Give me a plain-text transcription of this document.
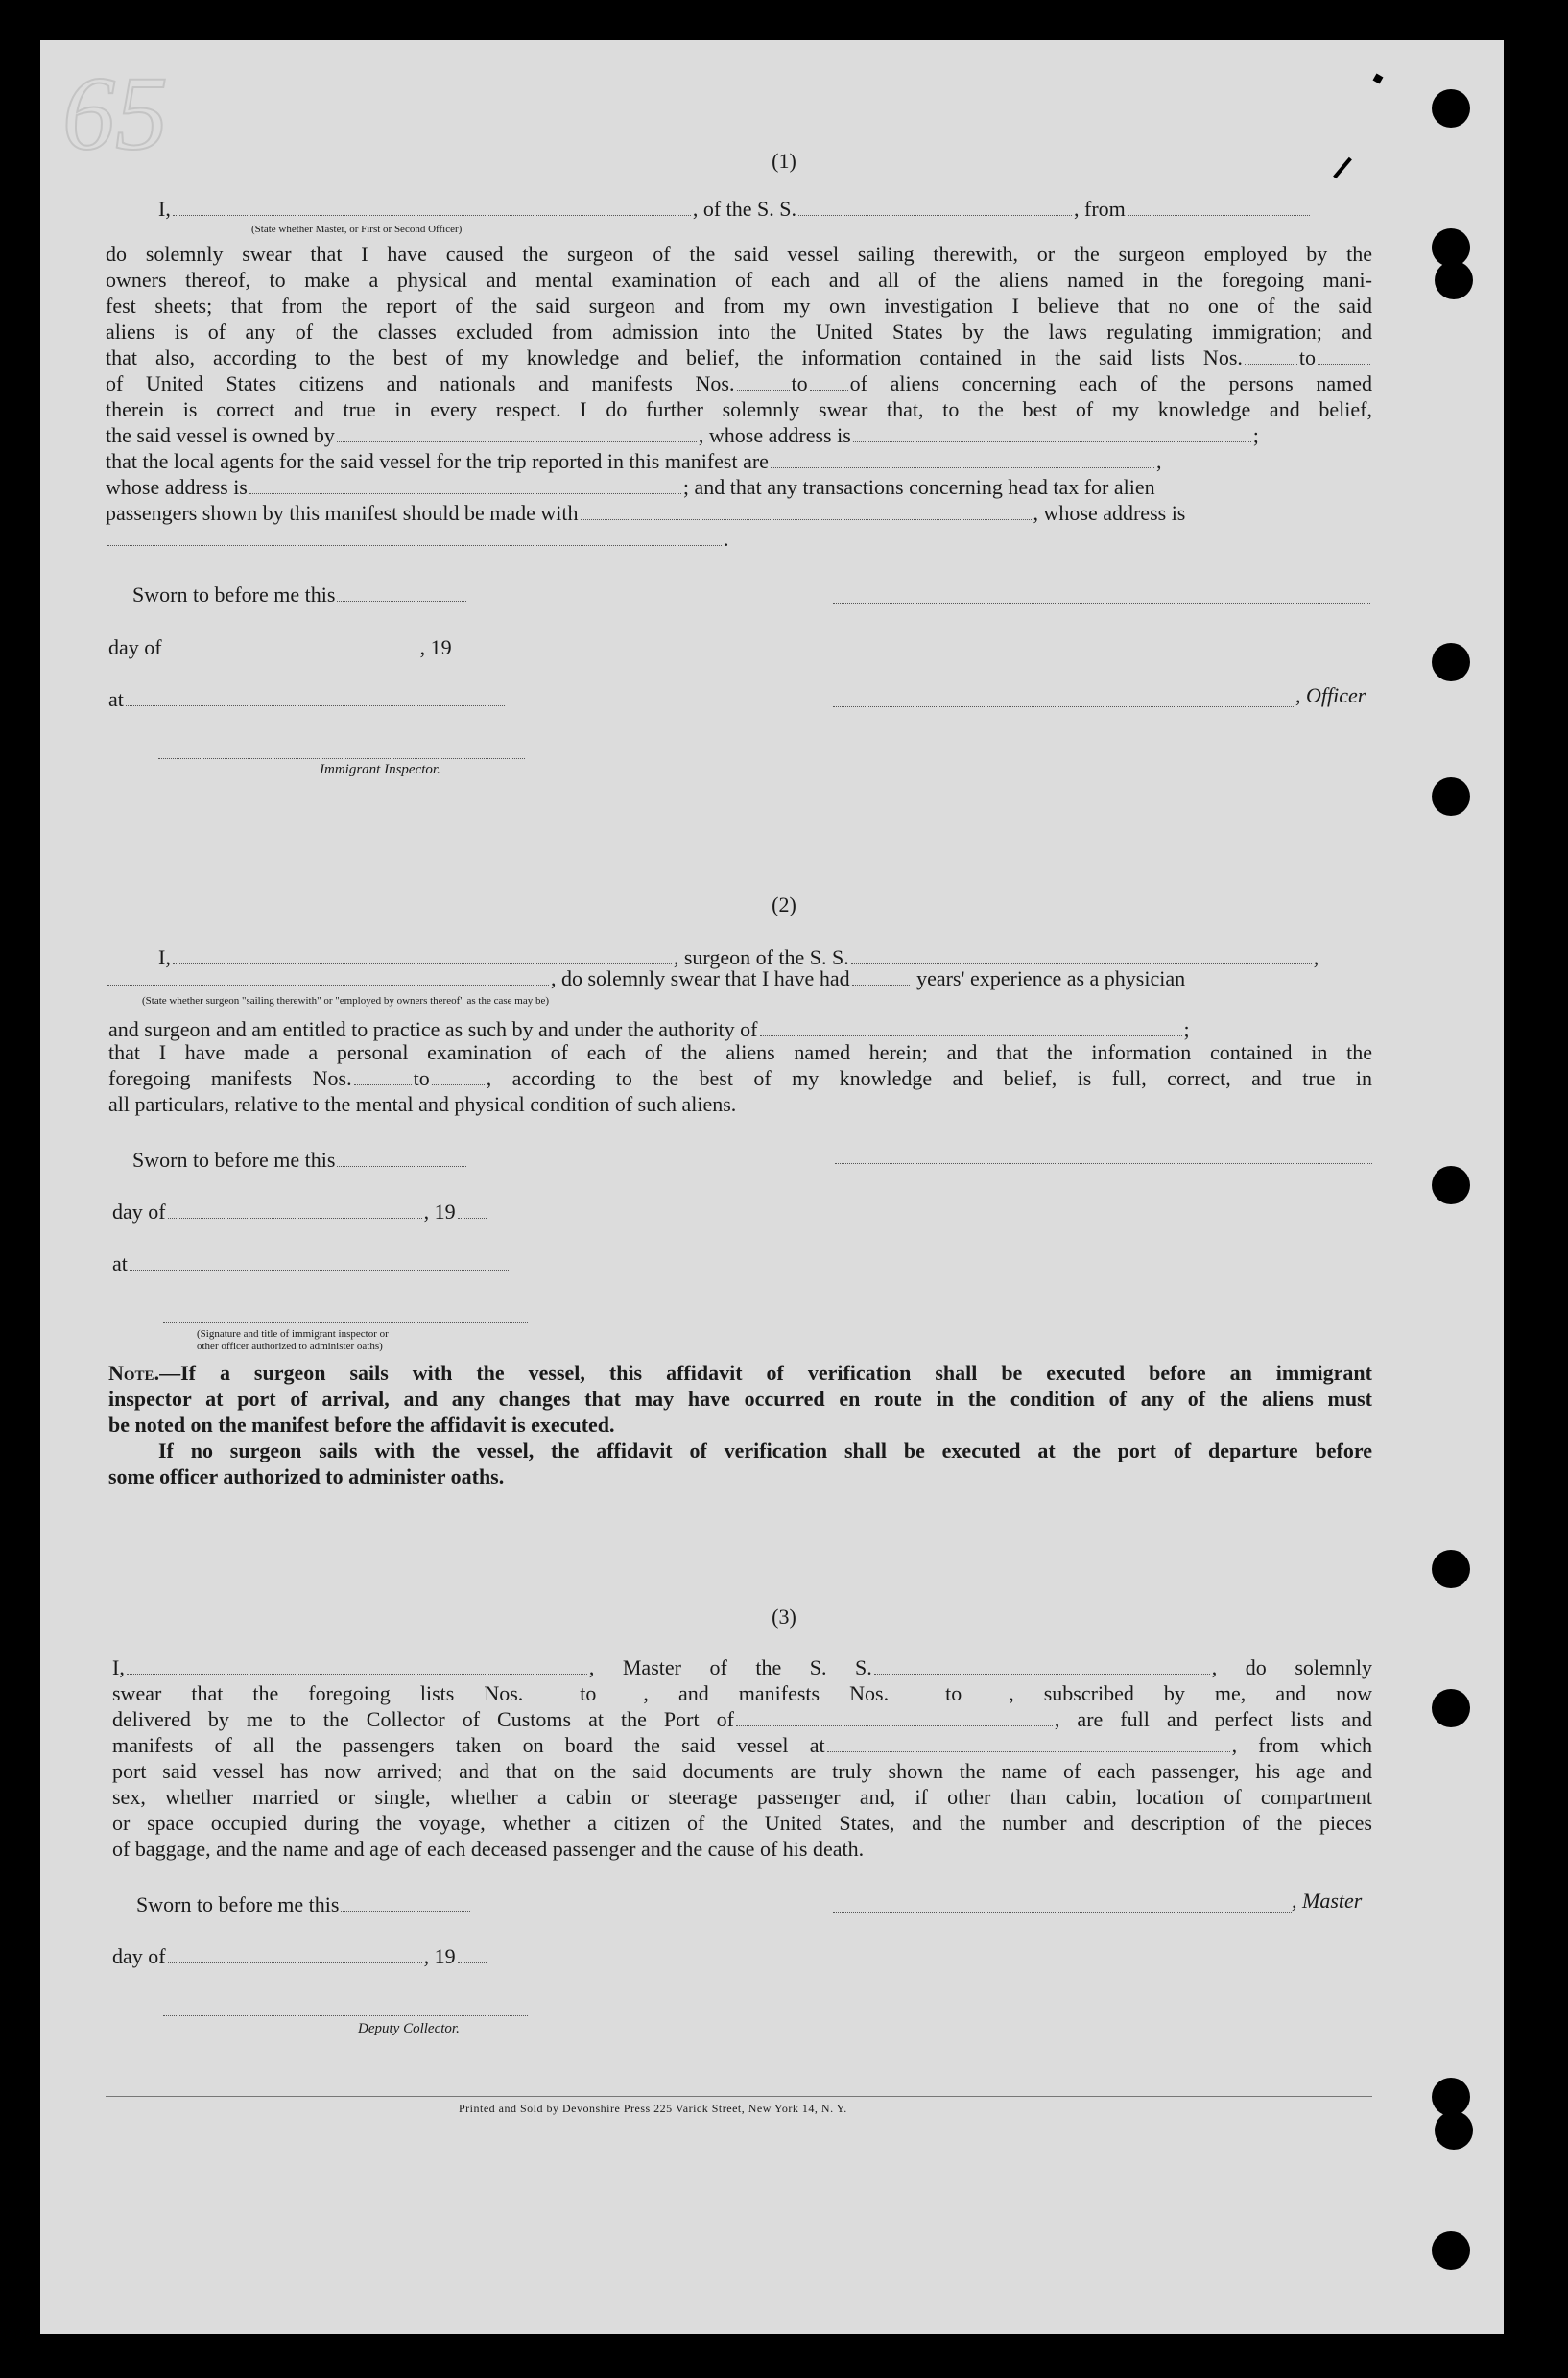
65	(1)
I,	, of the S. S.	, from
(State whether Master, or First or Second Officer)
do solemnly swear that I have caused the surgeon of the said vessel sailing therewith, or the surgeon employed by the
owners thereof, to make a physical and mental examination of each and all of the aliens named in the foregoing mani-
fest sheets; that from the report of the said surgeon and from my own investigation I believe that no one of the said
aliens is of any of the classes excluded from admission into the United States by the laws regulating immigration; and
that also, according to the best of my knowledge and belief, the information contained in the said lists Nos.	to
of United States citizens and nationals and manifests Nos.	to of aliens concerning each of the persons named
therein is correct and true in every respect. I do further solemnly swear that, to the best of my knowledge and belief,
the said vessel is owned by	, whose address is	;
that the local agents for the said vessel for the trip reported in this manifest are	,
whose address is	; and that any transactions concerning head tax for alien
passengers shown by this manifest should be made with	, whose address is
.
Sworn to before me this
day of	, 19
at	, Officer
Immigrant Inspector.
(2)
I,	, surgeon of the S. S.	,
, do solemnly swear that I have had	years' experience as a physician
(State whether surgeon "sailing therewith" or "employed by owners thereof" as the case may be)
and surgeon and am entitled to practice as such by and under the authority of	;
that I have made a personal examination of each of the aliens named herein; and that the information contained in the
foregoing manifests Nos.	to	, according to the best of my knowledge and belief, is full, correct, and true in
all particulars, relative to the mental and physical condition of such aliens.
Sworn to before me this
day of	, 19
at
(Signature and title of immigrant inspector or
other officer authorized to administer oaths)
Note.—If a surgeon sails with the vessel, this affidavit of verification shall be executed before an immigrant
inspector at port of arrival, and any changes that may have occurred en route in the condition of any of the aliens must
be noted on the manifest before the affidavit is executed.
If no surgeon sails with the vessel, the affidavit of verification shall be executed at the port of departure before
some officer authorized to administer oaths.
(3)
I,	, Master of the S. S.	, do solemnly
swear that the foregoing lists Nos.	to , and manifests Nos.	to , subscribed by me, and now
delivered by me to the Collector of Customs at the Port of	, are full and perfect lists and
manifests of all the passengers taken on board the said vessel at	, from which
port said vessel has now arrived; and that on the said documents are truly shown the name of each passenger, his age and
sex, whether married or single, whether a cabin or steerage passenger and, if other than cabin, location of compartment
or space occupied during the voyage, whether a citizen of the United States, and the number and description of the pieces
of baggage, and the name and age of each deceased passenger and the cause of his death.
Sworn to before me this	, Master
day of	, 19
Deputy Collector.
Printed and Sold by Devonshire Press 225 Varick Street, New York 14, N. Y.
